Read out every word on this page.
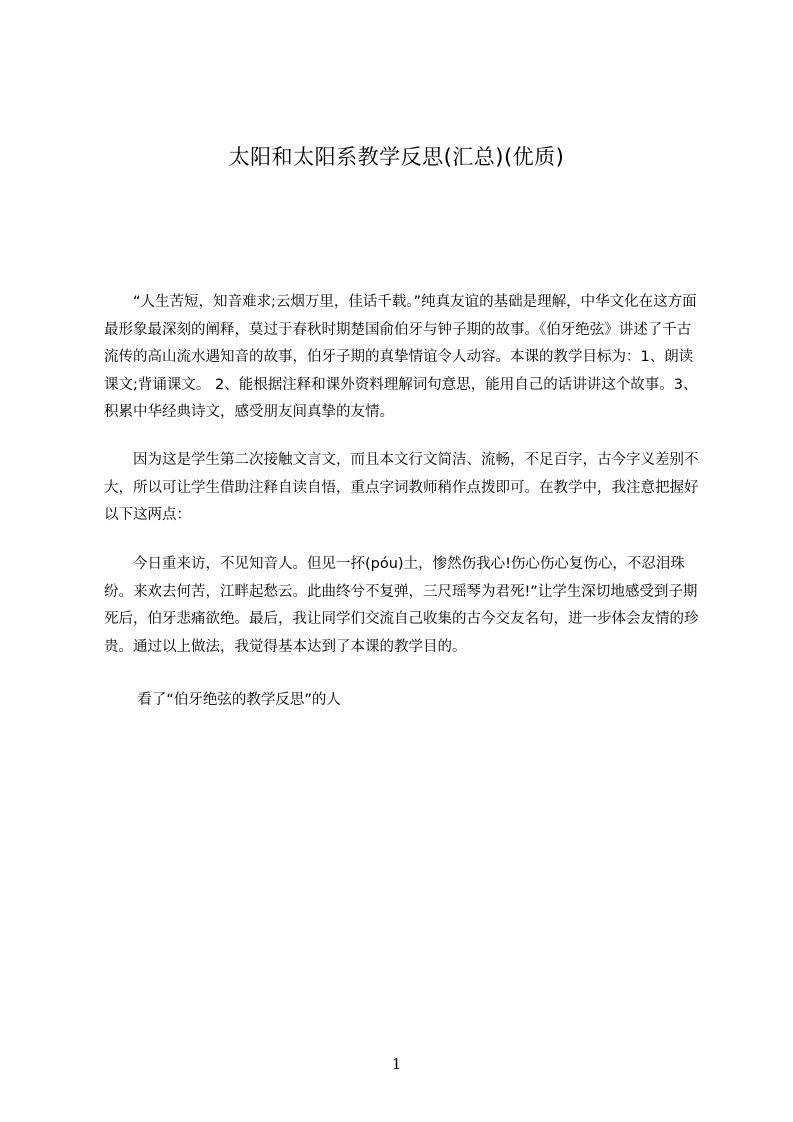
太阳和太阳系教学反思(汇总)(优质)

“人生苦短，知音难求;云烟万里，佳话千载。”纯真友谊的基础是理解，中华文化在这方面最形象最深刻的阐释，莫过于春秋时期楚国俞伯牙与钟子期的故事。《伯牙绝弦》讲述了千古流传的高山流水遇知音的故事，伯牙子期的真挚情谊令人动容。本课的教学目标为：1、朗读课文;背诵课文。 2、能根据注释和课外资料理解词句意思，能用自己的话讲讲这个故事。3、积累中华经典诗文，感受朋友间真挚的友情。

因为这是学生第二次接触文言文，而且本文行文简洁、流畅，不足百字，古今字义差别不大，所以可让学生借助注释自读自悟，重点字词教师稍作点拨即可。在教学中，我注意把握好以下这两点：

今日重来访，不见知音人。但见一抔(póu)土，惨然伤我心!伤心伤心复伤心，不忍泪珠纷。来欢去何苦，江畔起愁云。此曲终兮不复弹，三尺瑶琴为君死!”让学生深切地感受到子期死后，伯牙悲痛欲绝。最后，我让同学们交流自己收集的古今交友名句，进一步体会友情的珍贵。通过以上做法，我觉得基本达到了本课的教学目的。

看了“伯牙绝弦的教学反思”的人

1
